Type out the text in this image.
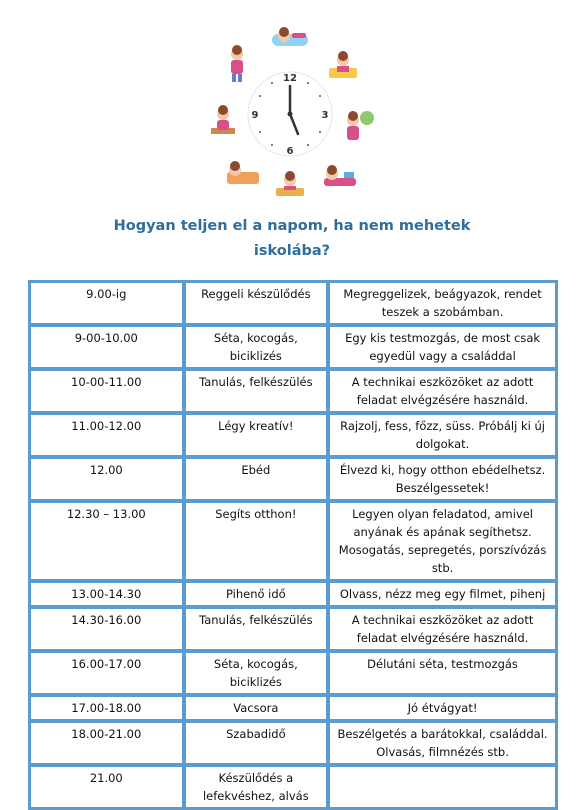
12
3
6
9
Hogyan teljen el a napom, ha nem mehetek
iskolába?
9.00-ig	Reggeli készülődés	Megreggelizek, beágyazok, rendet teszek a szobámban.
9-00-10.00	Séta, kocogás, biciklizés	Egy kis testmozgás, de most csak egyedül vagy a családdal
10-00-11.00	Tanulás, felkészülés	A technikai eszközöket az adott feladat elvégzésére használd.
11.00-12.00	Légy kreatív!	Rajzolj, fess, főzz, süss. Próbálj ki új dolgokat.
12.00	Ebéd	Élvezd ki, hogy otthon ebédelhetsz. Beszélgessetek!
12.30 – 13.00	Segíts otthon!	Legyen olyan feladatod, amivel anyának és apának segíthetsz. Mosogatás, sepregetés, porszívózás stb.
13.00-14.30	Pihenő idő	Olvass, nézz meg egy filmet, pihenj
14.30-16.00	Tanulás, felkészülés	A technikai eszközöket az adott feladat elvégzésére használd.
16.00-17.00	Séta, kocogás, biciklizés	Délutáni séta, testmozgás
17.00-18.00	Vacsora	Jó étvágyat!
18.00-21.00	Szabadidő	Beszélgetés a barátokkal, családdal. Olvasás, filmnézés stb.
21.00	Készülődés a lefekvéshez, alvás	
